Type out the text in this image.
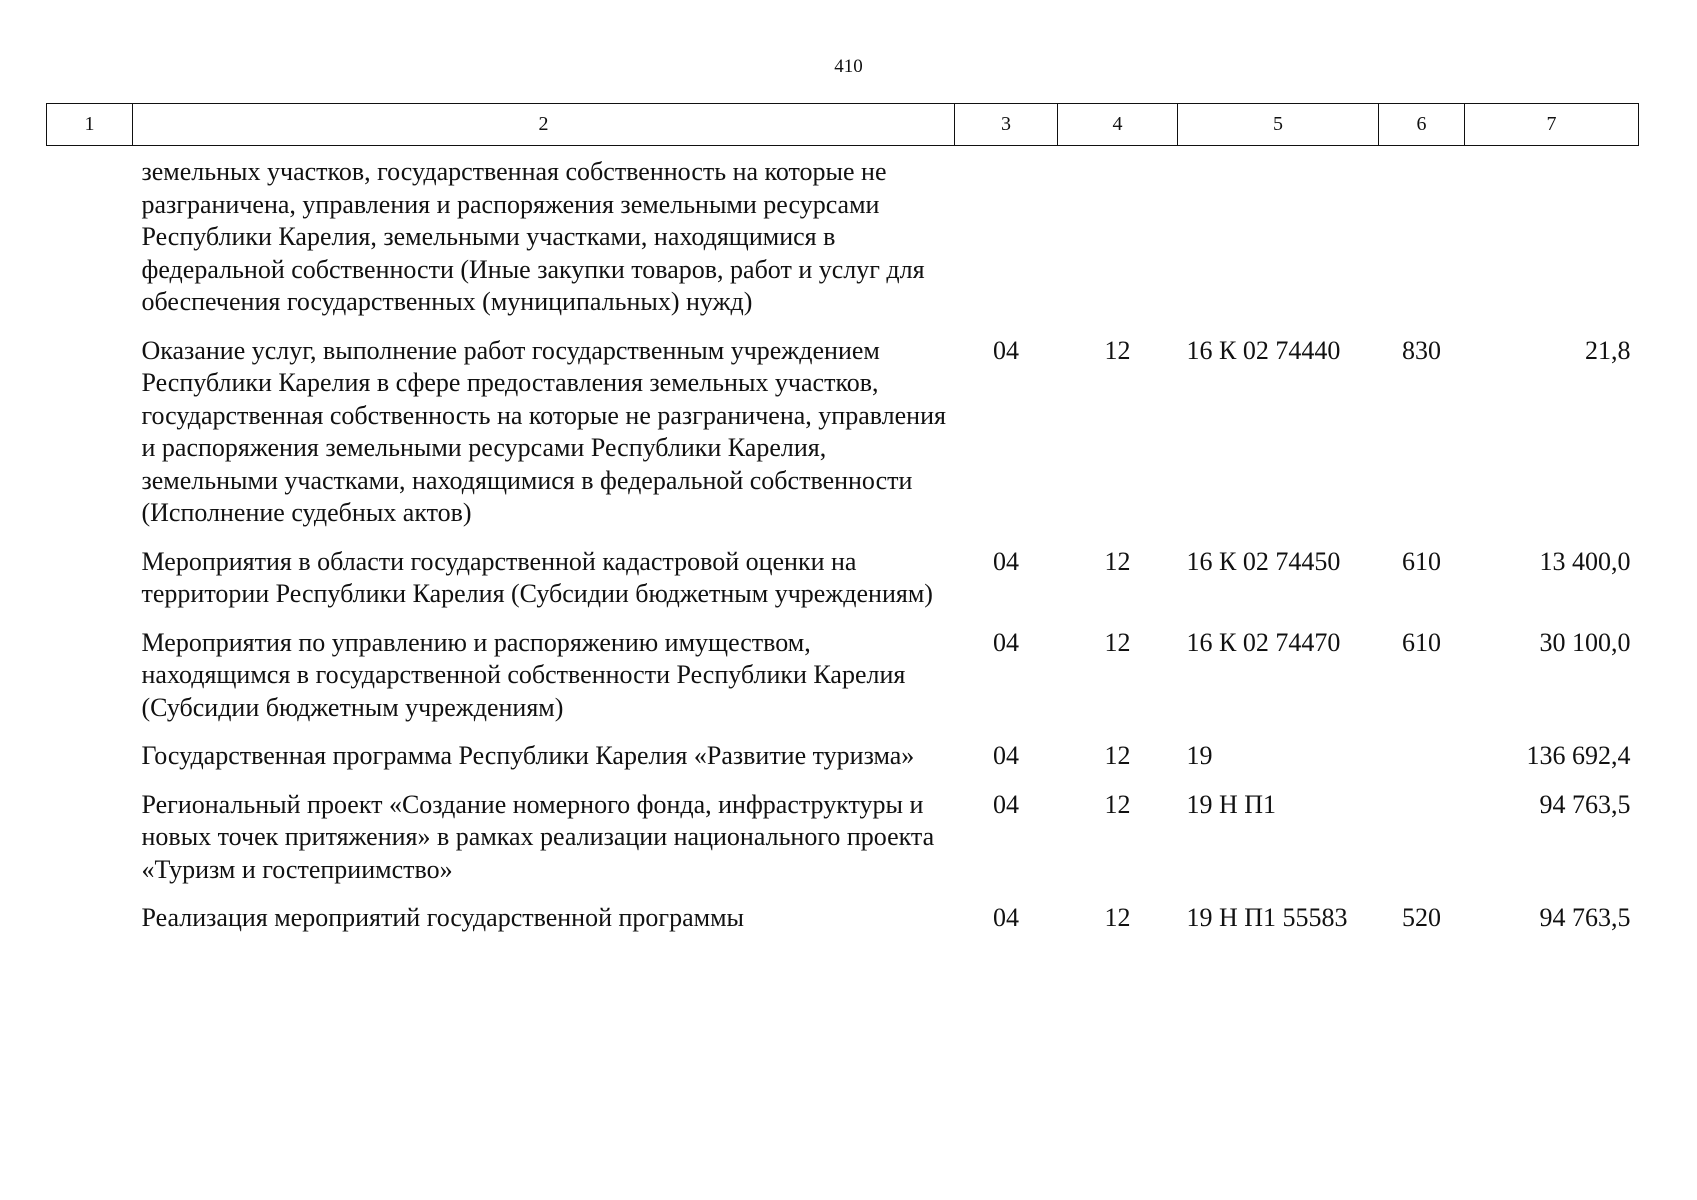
410
1	2	3	4	5	6	7
	земельных участков, государственная собственность на которые не разграничена, управления и распоряжения земельными ресурсами Республики Карелия, земельными участками, находящимися в федеральной собственности (Иные закупки товаров, работ и услуг для обеспечения государственных (муниципальных) нужд)					
	Оказание услуг, выполнение работ государственным учреждением Республики Карелия в сфере предоставления земельных участков, государственная собственность на которые не разграничена, управления и распоряжения земельными ресурсами Республики Карелия, земельными участками, находящимися в федеральной собственности (Исполнение судебных актов)	04	12	16 К 02 74440	830	21,8
	Мероприятия в области государственной кадастровой оценки на территории Республики Карелия (Субсидии бюджетным учреждениям)	04	12	16 К 02 74450	610	13 400,0
	Мероприятия по управлению и распоряжению имуществом, находящимся в государственной собственности Республики Карелия (Субсидии бюджетным учреждениям)	04	12	16 К 02 74470	610	30 100,0
	Государственная программа Республики Карелия «Развитие туризма»	04	12	19		136 692,4
	Региональный проект «Создание номерного фонда, инфраструктуры и новых точек притяжения» в рамках реализации национального проекта «Туризм и гостеприимство»	04	12	19 Н П1		94 763,5
	Реализация мероприятий государственной программы	04	12	19 Н П1 55583	520	94 763,5
